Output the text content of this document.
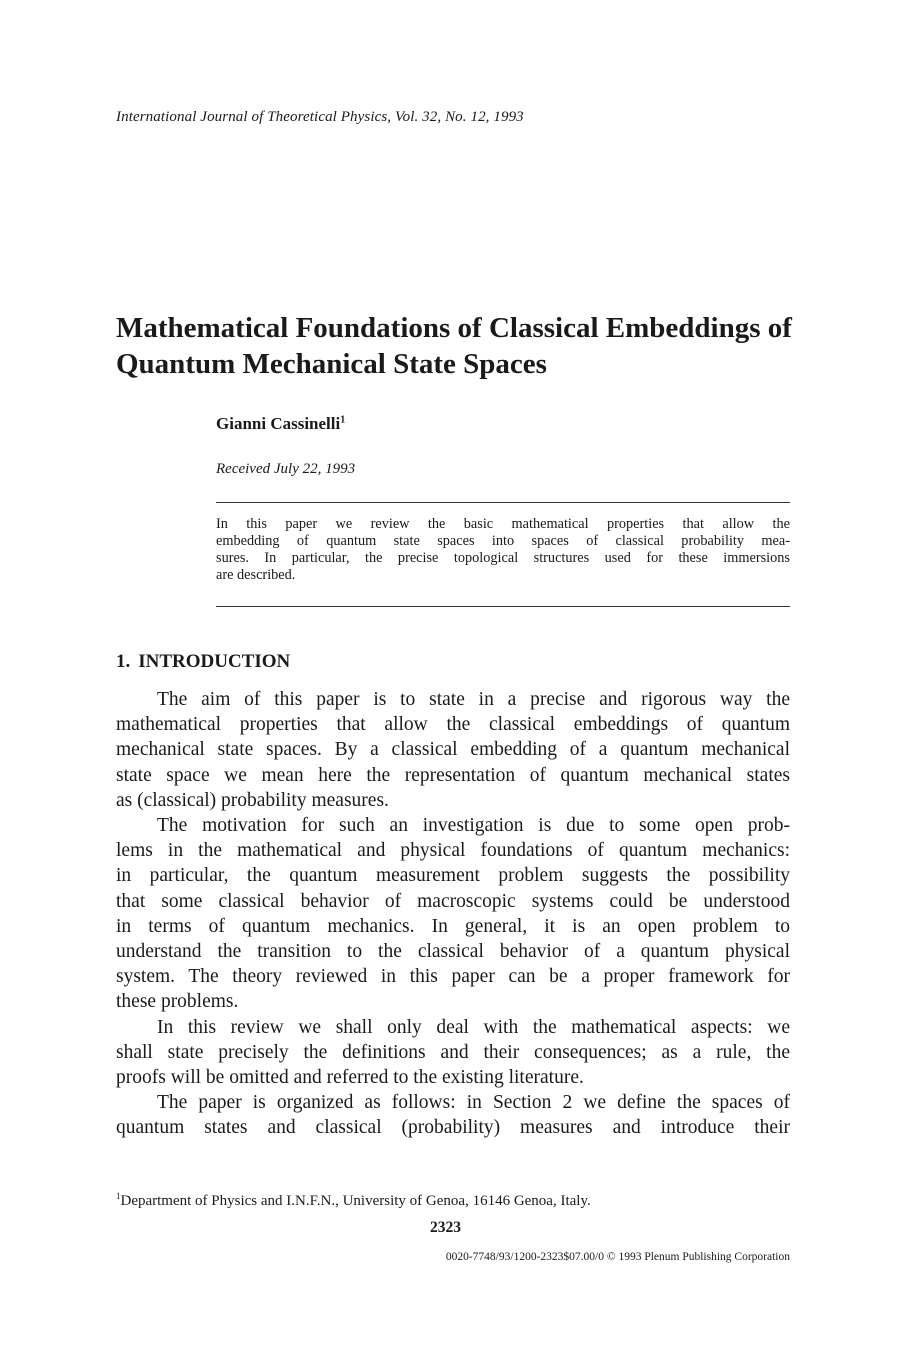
International Journal of Theoretical Physics, Vol. 32, No. 12, 1993
Mathematical Foundations of Classical Embeddings of
Quantum Mechanical State Spaces
Gianni Cassinelli$^1$
Received July 22, 1993
In this paper we review the basic mathematical properties that allow the
embedding of quantum state spaces into spaces of classical probability mea-
sures. In particular, the precise topological structures used for these immersions
are described.
1. INTRODUCTION

The aim of this paper is to state in a precise and rigorous way the
mathematical properties that allow the classical embeddings of quantum
mechanical state spaces. By a classical embedding of a quantum mechanical
state space we mean here the representation of quantum mechanical states
as (classical) probability measures.

The motivation for such an investigation is due to some open prob-
lems in the mathematical and physical foundations of quantum mechanics:
in particular, the quantum measurement problem suggests the possibility
that some classical behavior of macroscopic systems could be understood
in terms of quantum mechanics. In general, it is an open problem to
understand the transition to the classical behavior of a quantum physical
system. The theory reviewed in this paper can be a proper framework for
these problems.

In this review we shall only deal with the mathematical aspects: we
shall state precisely the definitions and their consequences; as a rule, the
proofs will be omitted and referred to the existing literature.

The paper is organized as follows: in Section 2 we define the spaces of
quantum states and classical (probability) measures and introduce their

$^1$Department of Physics and I.N.F.N., University of Genoa, 16146 Genoa, Italy.
2323
0020-7748/93/1200-2323$07.00/0 © 1993 Plenum Publishing Corporation
